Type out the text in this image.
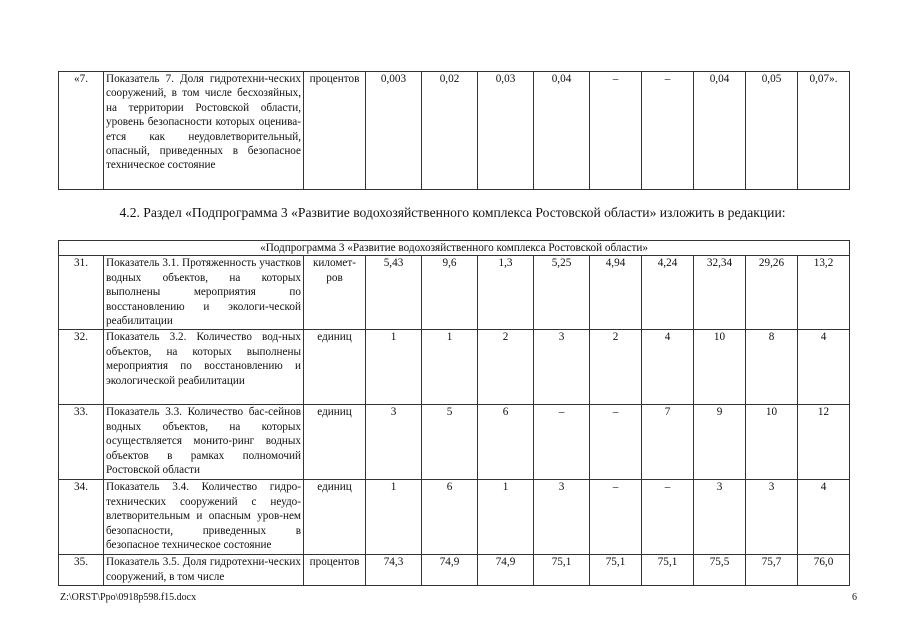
«7.	Показатель 7. Доля гидротехни-ческих сооружений, в том числе бесхозяйных, на территории Ростовской области, уровень безопасности которых оценива-ется как неудовлетворительный, опасный, приведенных в безопасное техническое состояние	процентов	0,003	0,02	0,03	0,04	–	–	0,04	0,05	0,07».
4.2. Раздел «Подпрограмма 3 «Развитие водохозяйственного комплекса Ростовской области» изложить в редакции:
«Подпрограмма 3 «Развитие водохозяйственного комплекса Ростовской области»											
31.	Показатель 3.1. Протяженность участков водных объектов, на которых выполнены мероприятия по восстановлению и экологи-ческой реабилитации	километ-ров	5,43	9,6	1,3	5,25	4,94	4,24	32,34	29,26	13,2
32.	Показатель 3.2. Количество вод-ных объектов, на которых выполнены мероприятия по восстановлению и экологической реабилитации	единиц	1	1	2	3	2	4	10	8	4
33.	Показатель 3.3. Количество бас-сейнов водных объектов, на которых осуществляется монито-ринг водных объектов в рамках полномочий Ростовской области	единиц	3	5	6	–	–	7	9	10	12
34.	Показатель 3.4. Количество гидро-технических сооружений с неудо-влетворительным и опасным уров-нем безопасности, приведенных в безопасное техническое состояние	единиц	1	6	1	3	–	–	3	3	4
35.	Показатель 3.5. Доля гидротехни-ческих сооружений, в том числе	процентов	74,3	74,9	74,9	75,1	75,1	75,1	75,5	75,7	76,0
Z:\ORST\Ppo\0918p598.f15.docx	6
